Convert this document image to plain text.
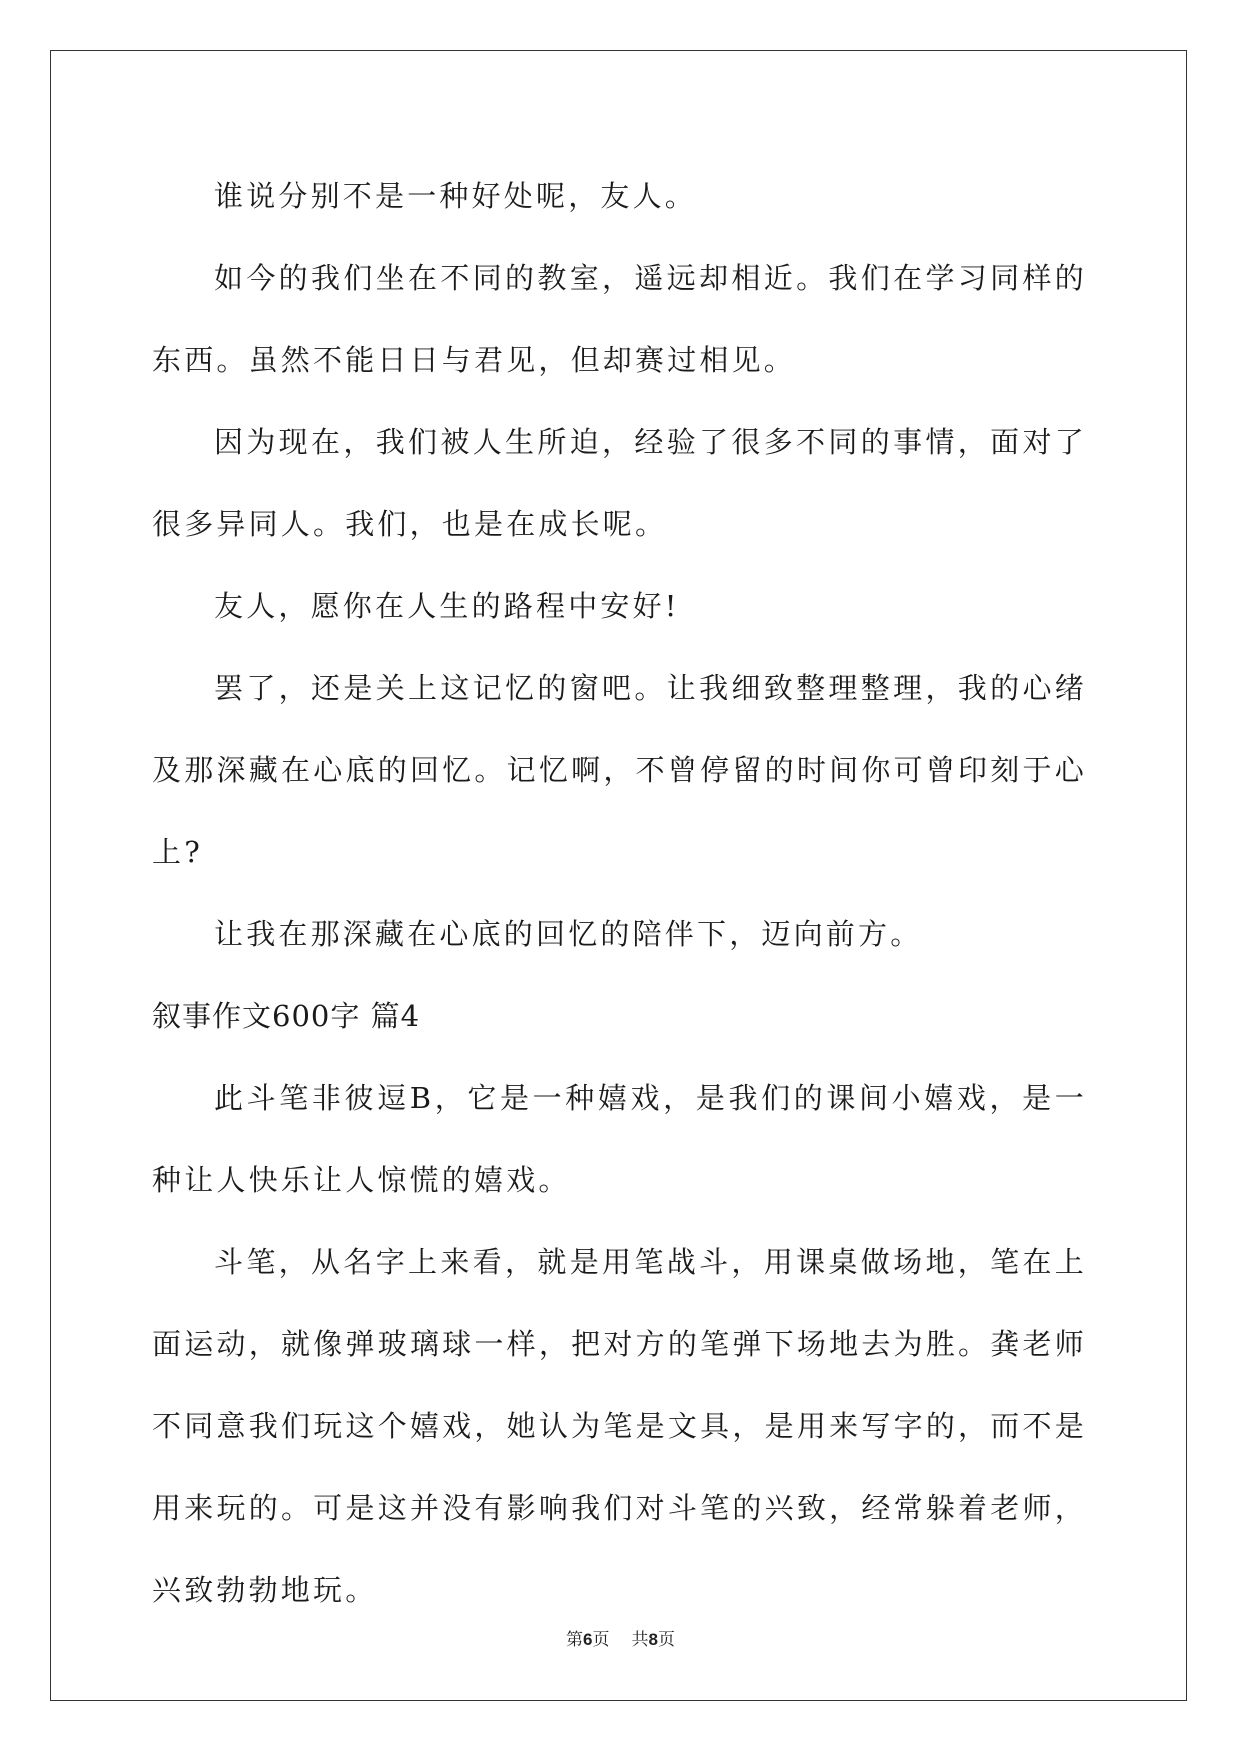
谁说分别不是一种好处呢，友人。

如今的我们坐在不同的教室，遥远却相近。我们在学习同样的东西。虽然不能日日与君见，但却赛过相见。

因为现在，我们被人生所迫，经验了很多不同的事情，面对了很多异同人。我们，也是在成长呢。

友人，愿你在人生的路程中安好!

罢了，还是关上这记忆的窗吧。让我细致整理整理，我的心绪及那深藏在心底的回忆。记忆啊，不曾停留的时间你可曾印刻于心上?

让我在那深藏在心底的回忆的陪伴下，迈向前方。

叙事作文600字 篇4

此斗笔非彼逗B，它是一种嬉戏，是我们的课间小嬉戏，是一种让人快乐让人惊慌的嬉戏。

斗笔，从名字上来看，就是用笔战斗，用课桌做场地，笔在上面运动，就像弹玻璃球一样，把对方的笔弹下场地去为胜。龚老师不同意我们玩这个嬉戏，她认为笔是文具，是用来写字的，而不是用来玩的。可是这并没有影响我们对斗笔的兴致，经常躲着老师，兴致勃勃地玩。

第6页 共8页
